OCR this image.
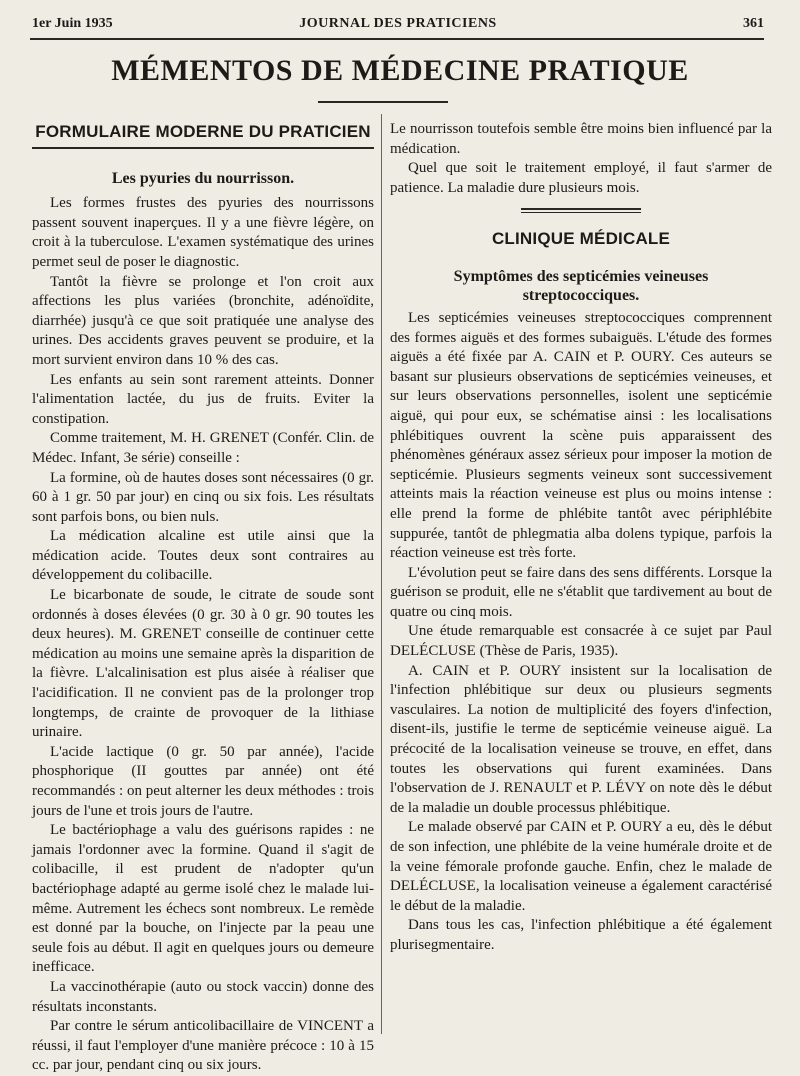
JOURNAL DES PRATICIENS
1er Juin 1935	361
MÉMENTOS DE MÉDECINE PRATIQUE
FORMULAIRE MODERNE DU PRATICIEN
Les pyuries du nourrisson.

Les formes frustes des pyuries des nourrissons passent souvent inaperçues. Il y a une fièvre légère, on croit à la tuberculose. L'examen systématique des urines permet seul de poser le diagnostic.

Tantôt la fièvre se prolonge et l'on croit aux affections les plus variées (bronchite, adénoïdite, diarrhée) jusqu'à ce que soit pratiquée une analyse des urines. Des accidents graves peuvent se produire, et la mort survient environ dans 10 % des cas.

Les enfants au sein sont rarement atteints. Donner l'alimentation lactée, du jus de fruits. Eviter la constipation.

Comme traitement, M. H. GRENET (Confér. Clin. de Médec. Infant, 3e série) conseille :

La formine, où de hautes doses sont nécessaires (0 gr. 60 à 1 gr. 50 par jour) en cinq ou six fois. Les résultats sont parfois bons, ou bien nuls.

La médication alcaline est utile ainsi que la médication acide. Toutes deux sont contraires au développement du colibacille.

Le bicarbonate de soude, le citrate de soude sont ordonnés à doses élevées (0 gr. 30 à 0 gr. 90 toutes les deux heures). M. GRENET conseille de continuer cette médication au moins une semaine après la disparition de la fièvre. L'alcalinisation est plus aisée à réaliser que l'acidification. Il ne convient pas de la prolonger trop longtemps, de crainte de provoquer de la lithiase urinaire.

L'acide lactique (0 gr. 50 par année), l'acide phosphorique (II gouttes par année) ont été recommandés : on peut alterner les deux méthodes : trois jours de l'une et trois jours de l'autre.

Le bactériophage a valu des guérisons rapides : ne jamais l'ordonner avec la formine. Quand il s'agit de colibacille, il est prudent de n'adopter qu'un bactériophage adapté au germe isolé chez le malade lui-même. Autrement les échecs sont nombreux. Le remède est donné par la bouche, on l'injecte par la peau une seule fois au début. Il agit en quelques jours ou demeure inefficace.

La vaccinothérapie (auto ou stock vaccin) donne des résultats inconstants.

Par contre le sérum anticolibacillaire de VINCENT a réussi, il faut l'employer d'une manière précoce : 10 à 15 cc. par jour, pendant cinq ou six jours.

Le nourrisson toutefois semble être moins bien influencé par la médication.

Quel que soit le traitement employé, il faut s'armer de patience. La maladie dure plusieurs mois.

CLINIQUE MÉDICALE
Symptômes des septicémies veineuses streptococciques.

Les septicémies veineuses streptococciques comprennent des formes aiguës et des formes subaiguës. L'étude des formes aiguës a été fixée par A. CAIN et P. OURY. Ces auteurs se basant sur plusieurs observations de septicémies veineuses, et sur leurs observations personnelles, isolent une septicémie aiguë, qui pour eux, se schématise ainsi : les localisations phlébitiques ouvrent la scène puis apparaissent des phénomènes généraux assez sérieux pour imposer la motion de septicémie. Plusieurs segments veineux sont successivement atteints mais la réaction veineuse est plus ou moins intense : elle prend la forme de phlébite tantôt avec périphlébite suppurée, tantôt de phlegmatia alba dolens typique, parfois la réaction veineuse est très forte.

L'évolution peut se faire dans des sens différents. Lorsque la guérison se produit, elle ne s'établit que tardivement au bout de quatre ou cinq mois.

Une étude remarquable est consacrée à ce sujet par Paul DELÉCLUSE (Thèse de Paris, 1935).

A. CAIN et P. OURY insistent sur la localisation de l'infection phlébitique sur deux ou plusieurs segments vasculaires. La notion de multiplicité des foyers d'infection, disent-ils, justifie le terme de septicémie veineuse aiguë. La précocité de la localisation veineuse se trouve, en effet, dans toutes les observations qui furent examinées. Dans l'observation de J. RENAULT et P. LÉVY on note dès le début de la maladie un double processus phlébitique.

Le malade observé par CAIN et P. OURY a eu, dès le début de son infection, une phlébite de la veine humérale droite et de la veine fémorale profonde gauche. Enfin, chez le malade de DELÉCLUSE, la localisation veineuse a également caractérisé le début de la maladie.

Dans tous les cas, l'infection phlébitique a été également plurisegmentaire.
